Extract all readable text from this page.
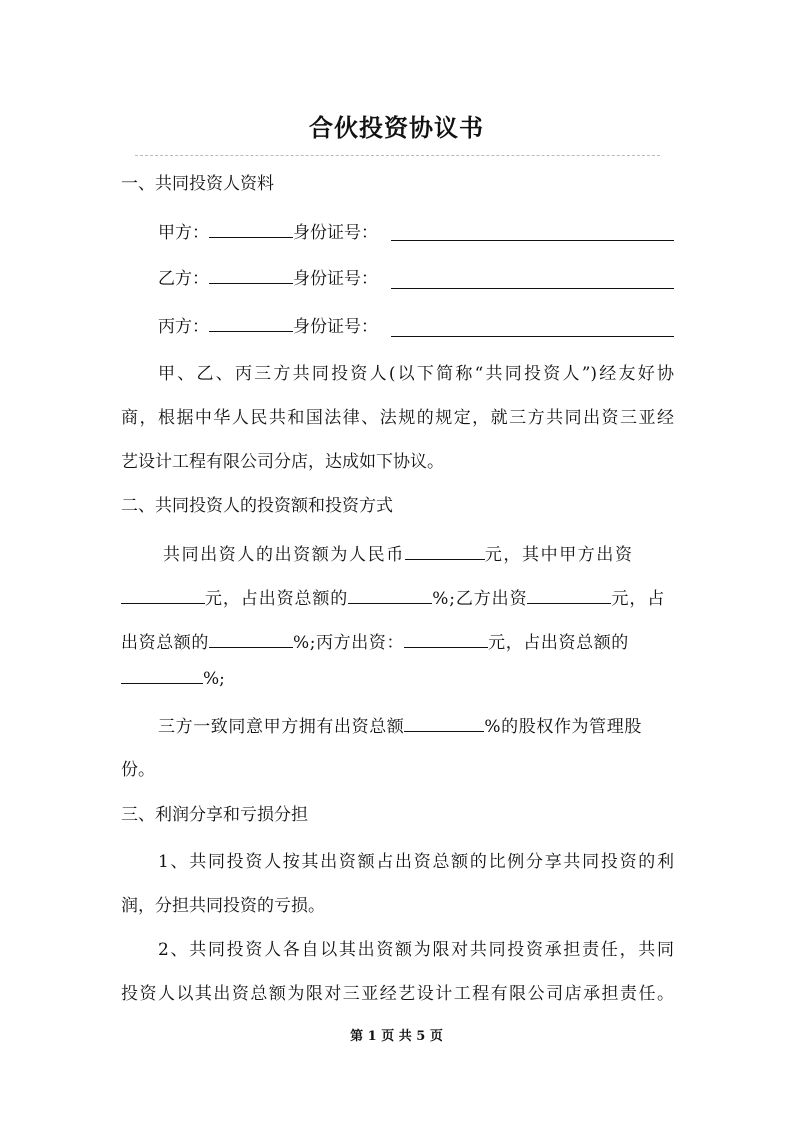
合伙投资协议书
一、共同投资人资料
甲方：	身份证号：
乙方：	身份证号：
丙方：	身份证号：
甲、乙、丙三方共同投资人(以下简称“共同投资人”)经友好协
商，根据中华人民共和国法律、法规的规定，就三方共同出资三亚经
艺设计工程有限公司分店，达成如下协议。
二、共同投资人的投资额和投资方式
共同出资人的出资额为人民币	元，其中甲方出资
元，占出资总额的	%;乙方出资	元，占
出资总额的	%;丙方出资：	元，占出资总额的
%;
三方一致同意甲方拥有出资总额	%的股权作为管理股
份。
三、利润分享和亏损分担
1、共同投资人按其出资额占出资总额的比例分享共同投资的利
润，分担共同投资的亏损。
2、共同投资人各自以其出资额为限对共同投资承担责任，共同
投资人以其出资总额为限对三亚经艺设计工程有限公司店承担责任。
第 1 页 共 5 页
